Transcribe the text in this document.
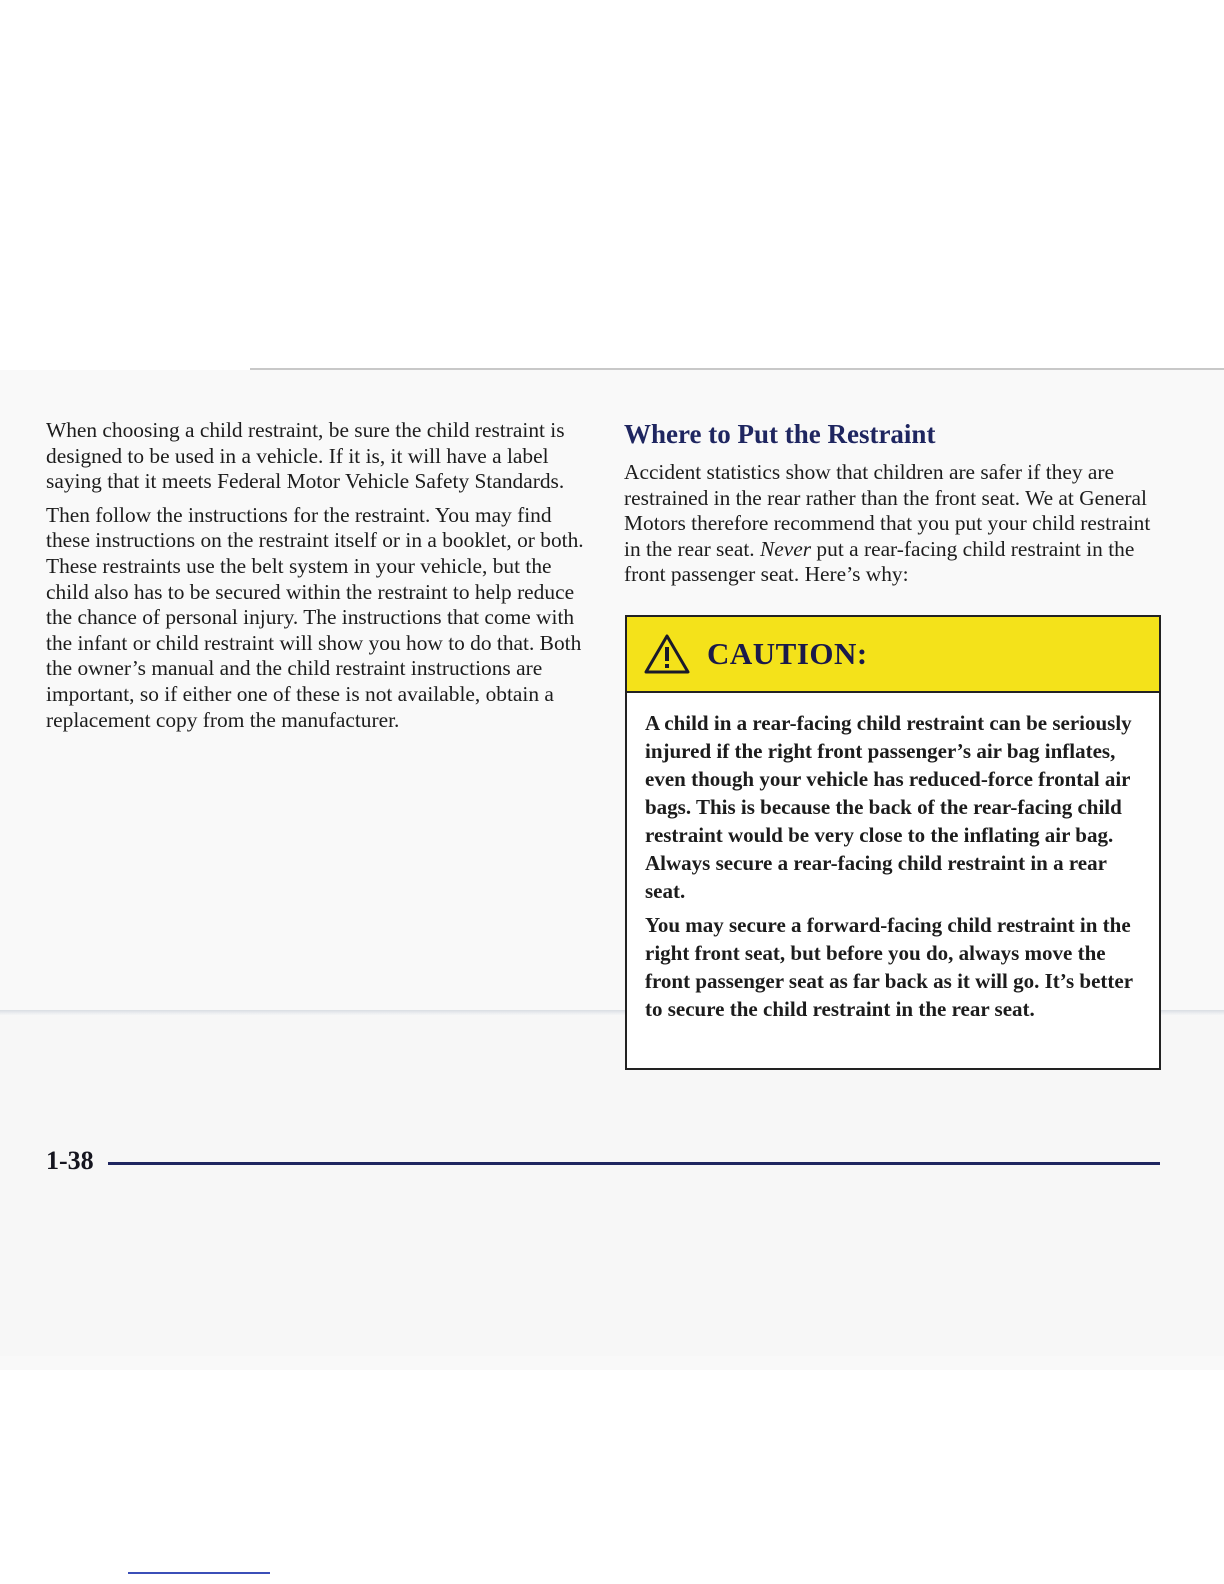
When choosing a child restraint, be sure the child restraint is designed to be used in a vehicle. If it is, it will have a label saying that it meets Federal Motor Vehicle Safety Standards.

Then follow the instructions for the restraint. You may find these instructions on the restraint itself or in a booklet, or both. These restraints use the belt system in your vehicle, but the child also has to be secured within the restraint to help reduce the chance of personal injury. The instructions that come with the infant or child restraint will show you how to do that. Both the owner’s manual and the child restraint instructions are important, so if either one of these is not available, obtain a replacement copy from the manufacturer.

Where to Put the Restraint

Accident statistics show that children are safer if they are restrained in the rear rather than the front seat. We at General Motors therefore recommend that you put your child restraint in the rear seat. Never put a rear-facing child restraint in the front passenger seat. Here’s why:

CAUTION:

A child in a rear-facing child restraint can be seriously injured if the right front passenger’s air bag inflates, even though your vehicle has reduced-force frontal air bags. This is because the back of the rear-facing child restraint would be very close to the inflating air bag. Always secure a rear-facing child restraint in a rear seat.

You may secure a forward-facing child restraint in the right front seat, but before you do, always move the front passenger seat as far back as it will go. It’s better to secure the child restraint in the rear seat.

1-38
